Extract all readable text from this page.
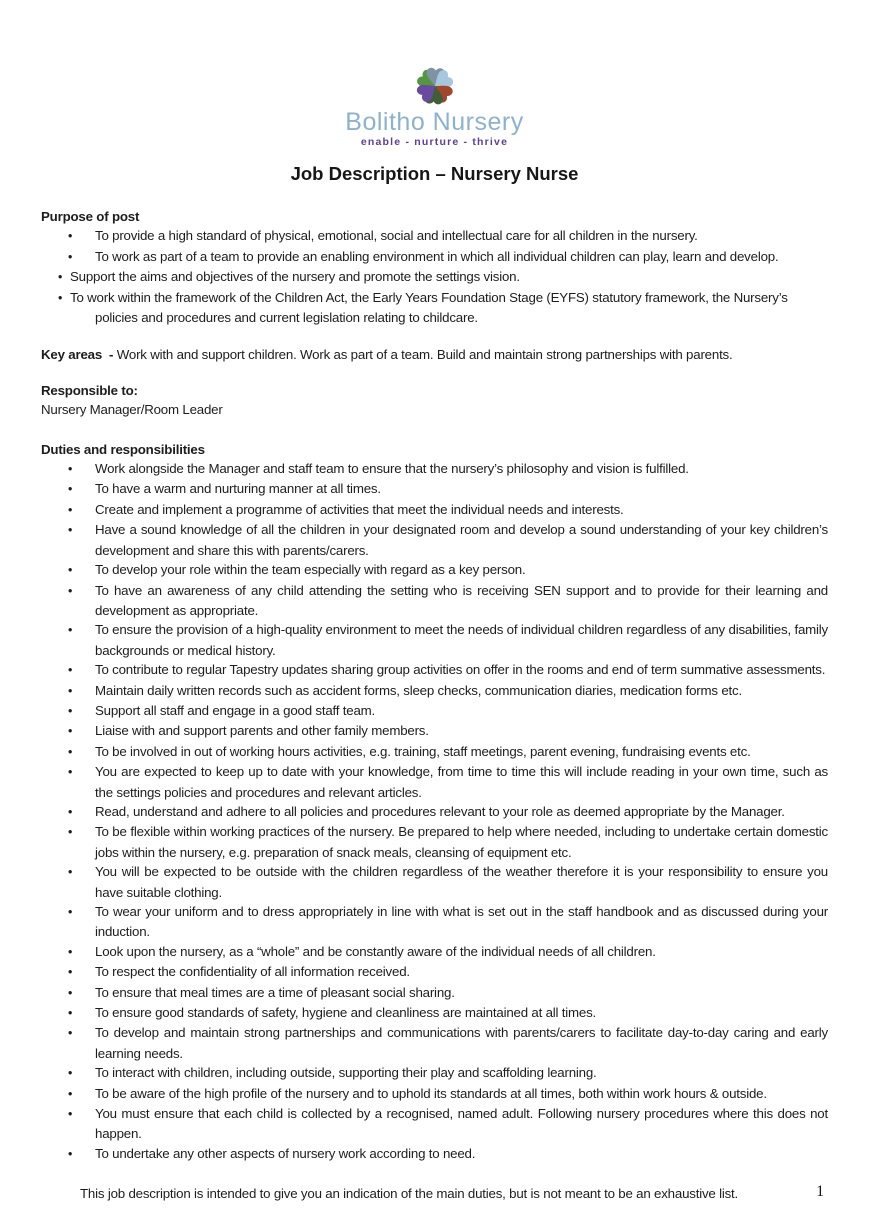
Bolitho Nursery
enable - nurture - thrive
Job Description – Nursery Nurse
Purpose of post
• To provide a high standard of physical, emotional, social and intellectual care for all children in the nursery.
• To work as part of a team to provide an enabling environment in which all individual children can play, learn and develop.
• Support the aims and objectives of the nursery and promote the settings vision.
• To work within the framework of the Children Act, the Early Years Foundation Stage (EYFS) statutory framework, the Nursery’s policies and procedures and current legislation relating to childcare.
Key areas  - Work with and support children. Work as part of a team. Build and maintain strong partnerships with parents.
Responsible to:
Nursery Manager/Room Leader
Duties and responsibilities
• Work alongside the Manager and staff team to ensure that the nursery’s philosophy and vision is fulfilled.
• To have a warm and nurturing manner at all times.
• Create and implement a programme of activities that meet the individual needs and interests.
• Have a sound knowledge of all the children in your designated room and develop a sound understanding of your key children’s development and share this with parents/carers.
• To develop your role within the team especially with regard as a key person.
• To have an awareness of any child attending the setting who is receiving SEN support and to provide for their learning and development as appropriate.
• To ensure the provision of a high-quality environment to meet the needs of individual children regardless of any disabilities, family backgrounds or medical history.
• To contribute to regular Tapestry updates sharing group activities on offer in the rooms and end of term summative assessments.
• Maintain daily written records such as accident forms, sleep checks, communication diaries, medication forms etc.
• Support all staff and engage in a good staff team.
• Liaise with and support parents and other family members.
• To be involved in out of working hours activities, e.g. training, staff meetings, parent evening, fundraising events etc.
• You are expected to keep up to date with your knowledge, from time to time this will include reading in your own time, such as the settings policies and procedures and relevant articles.
• Read, understand and adhere to all policies and procedures relevant to your role as deemed appropriate by the Manager.
• To be flexible within working practices of the nursery. Be prepared to help where needed, including to undertake certain domestic jobs within the nursery, e.g. preparation of snack meals, cleansing of equipment etc.
• You will be expected to be outside with the children regardless of the weather therefore it is your responsibility to ensure you have suitable clothing.
• To wear your uniform and to dress appropriately in line with what is set out in the staff handbook and as discussed during your induction.
• Look upon the nursery, as a “whole” and be constantly aware of the individual needs of all children.
• To respect the confidentiality of all information received.
• To ensure that meal times are a time of pleasant social sharing.
• To ensure good standards of safety, hygiene and cleanliness are maintained at all times.
• To develop and maintain strong partnerships and communications with parents/carers to facilitate day-to-day caring and early learning needs.
• To interact with children, including outside, supporting their play and scaffolding learning.
• To be aware of the high profile of the nursery and to uphold its standards at all times, both within work hours & outside.
• You must ensure that each child is collected by a recognised, named adult. Following nursery procedures where this does not happen.
• To undertake any other aspects of nursery work according to need.
This job description is intended to give you an indication of the main duties, but is not meant to be an exhaustive list.	1
